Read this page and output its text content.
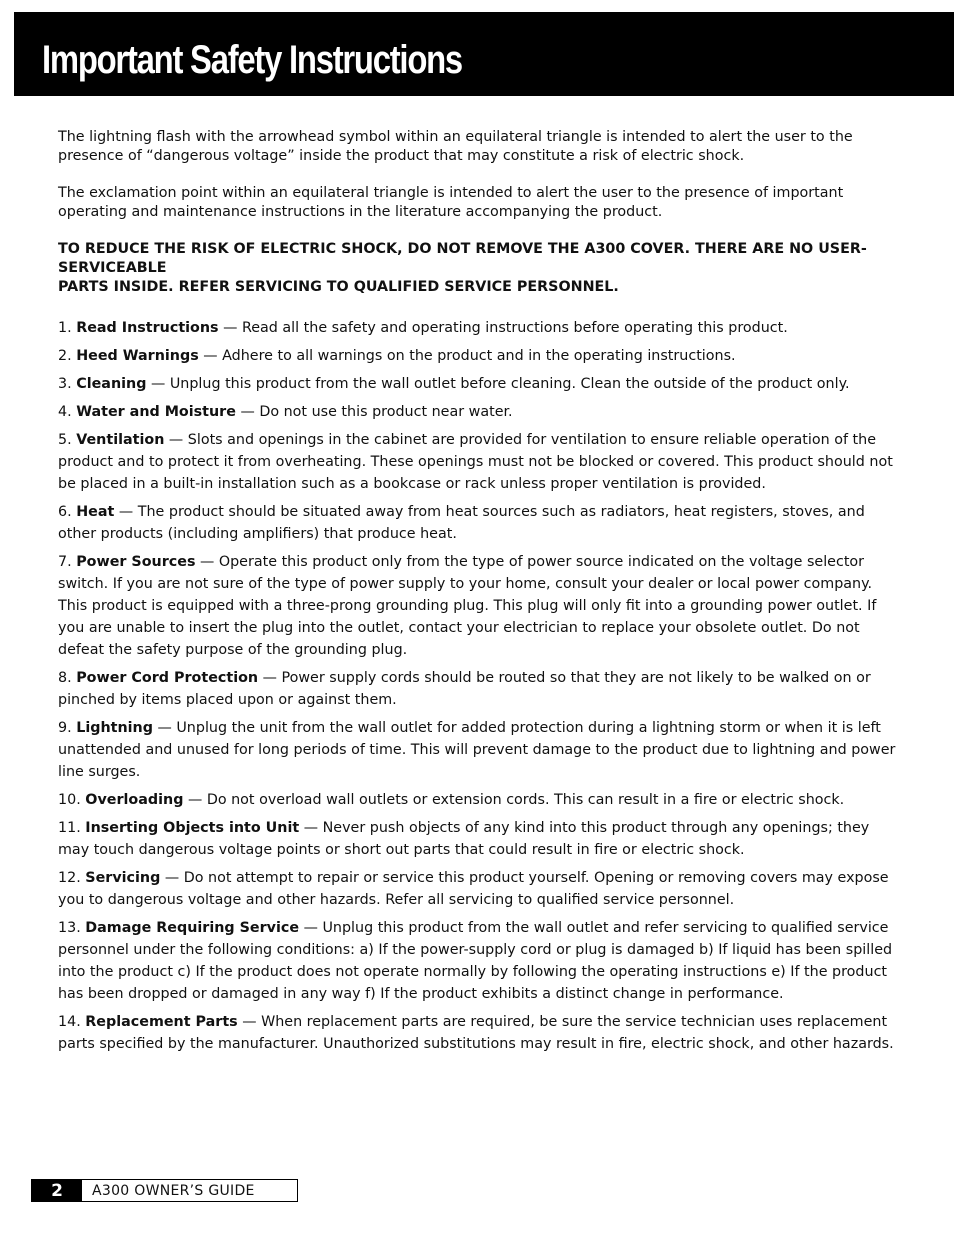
Important Safety Instructions

The lightning flash with the arrowhead symbol within an equilateral triangle is intended to alert the user to the presence of “dangerous voltage” inside the product that may constitute a risk of electric shock.

The exclamation point within an equilateral triangle is intended to alert the user to the presence of important operating and maintenance instructions in the literature accompanying the product.

TO REDUCE THE RISK OF ELECTRIC SHOCK, DO NOT REMOVE THE A300 COVER. THERE ARE NO USER-SERVICEABLE
PARTS INSIDE. REFER SERVICING TO QUALIFIED SERVICE PERSONNEL.

1. Read Instructions — Read all the safety and operating instructions before operating this product.
2. Heed Warnings — Adhere to all warnings on the product and in the operating instructions.
3. Cleaning — Unplug this product from the wall outlet before cleaning. Clean the outside of the product only.
4. Water and Moisture — Do not use this product near water.
5. Ventilation — Slots and openings in the cabinet are provided for ventilation to ensure reliable operation of the product and to protect it from overheating. These openings must not be blocked or covered. This product should not be placed in a built-in installation such as a bookcase or rack unless proper ventilation is provided.
6. Heat — The product should be situated away from heat sources such as radiators, heat registers, stoves, and other products (including amplifiers) that produce heat.
7. Power Sources — Operate this product only from the type of power source indicated on the voltage selector switch. If you are not sure of the type of power supply to your home, consult your dealer or local power company. This product is equipped with a three-prong grounding plug. This plug will only fit into a grounding power outlet. If you are unable to insert the plug into the outlet, contact your electrician to replace your obsolete outlet. Do not defeat the safety purpose of the grounding plug.
8. Power Cord Protection — Power supply cords should be routed so that they are not likely to be walked on or pinched by items placed upon or against them.
9. Lightning — Unplug the unit from the wall outlet for added protection during a lightning storm or when it is left unattended and unused for long periods of time. This will prevent damage to the product due to lightning and power line surges.
10. Overloading — Do not overload wall outlets or extension cords. This can result in a fire or electric shock.
11. Inserting Objects into Unit — Never push objects of any kind into this product through any openings; they may touch dangerous voltage points or short out parts that could result in fire or electric shock.
12. Servicing — Do not attempt to repair or service this product yourself. Opening or removing covers may expose you to dangerous voltage and other hazards. Refer all servicing to qualified service personnel.
13. Damage Requiring Service — Unplug this product from the wall outlet and refer servicing to qualified service personnel under the following conditions: a) If the power-supply cord or plug is damaged b) If liquid has been spilled into the product c) If the product does not operate normally by following the operating instructions e) If the product has been dropped or damaged in any way f) If the product exhibits a distinct change in performance.
14. Replacement Parts — When replacement parts are required, be sure the service technician uses replacement parts specified by the manufacturer. Unauthorized substitutions may result in fire, electric shock, and other hazards.
2	A300 OWNER’S GUIDE
